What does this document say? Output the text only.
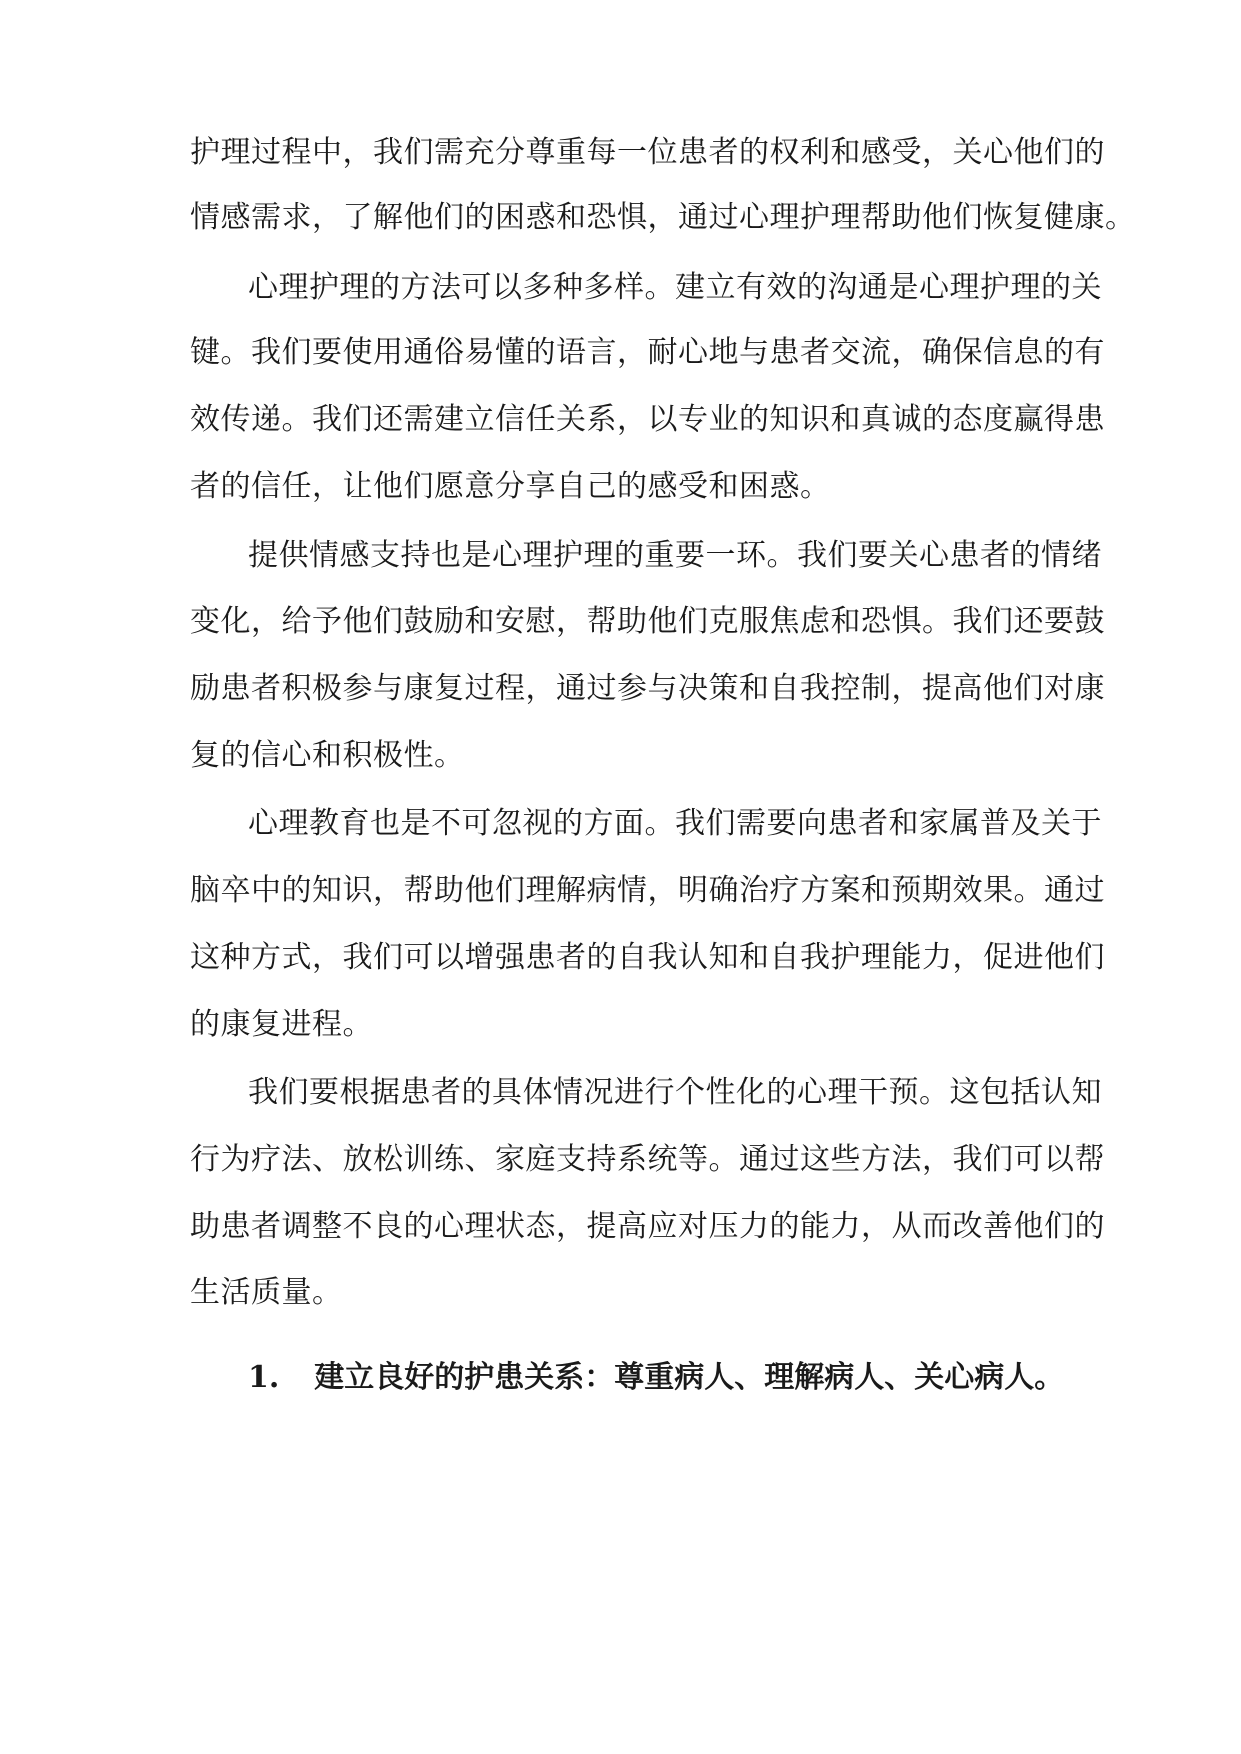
护理过程中，我们需充分尊重每一位患者的权利和感受，关心他们的
情感需求，了解他们的困惑和恐惧，通过心理护理帮助他们恢复健康。
心理护理的方法可以多种多样。建立有效的沟通是心理护理的关
键。我们要使用通俗易懂的语言，耐心地与患者交流，确保信息的有
效传递。我们还需建立信任关系，以专业的知识和真诚的态度赢得患
者的信任，让他们愿意分享自己的感受和困惑。
提供情感支持也是心理护理的重要一环。我们要关心患者的情绪
变化，给予他们鼓励和安慰，帮助他们克服焦虑和恐惧。我们还要鼓
励患者积极参与康复过程，通过参与决策和自我控制，提高他们对康
复的信心和积极性。
心理教育也是不可忽视的方面。我们需要向患者和家属普及关于
脑卒中的知识，帮助他们理解病情，明确治疗方案和预期效果。通过
这种方式，我们可以增强患者的自我认知和自我护理能力，促进他们
的康复进程。
我们要根据患者的具体情况进行个性化的心理干预。这包括认知
行为疗法、放松训练、家庭支持系统等。通过这些方法，我们可以帮
助患者调整不良的心理状态，提高应对压力的能力，从而改善他们的
生活质量。
1. 建立良好的护患关系：尊重病人、理解病人、关心病人。
